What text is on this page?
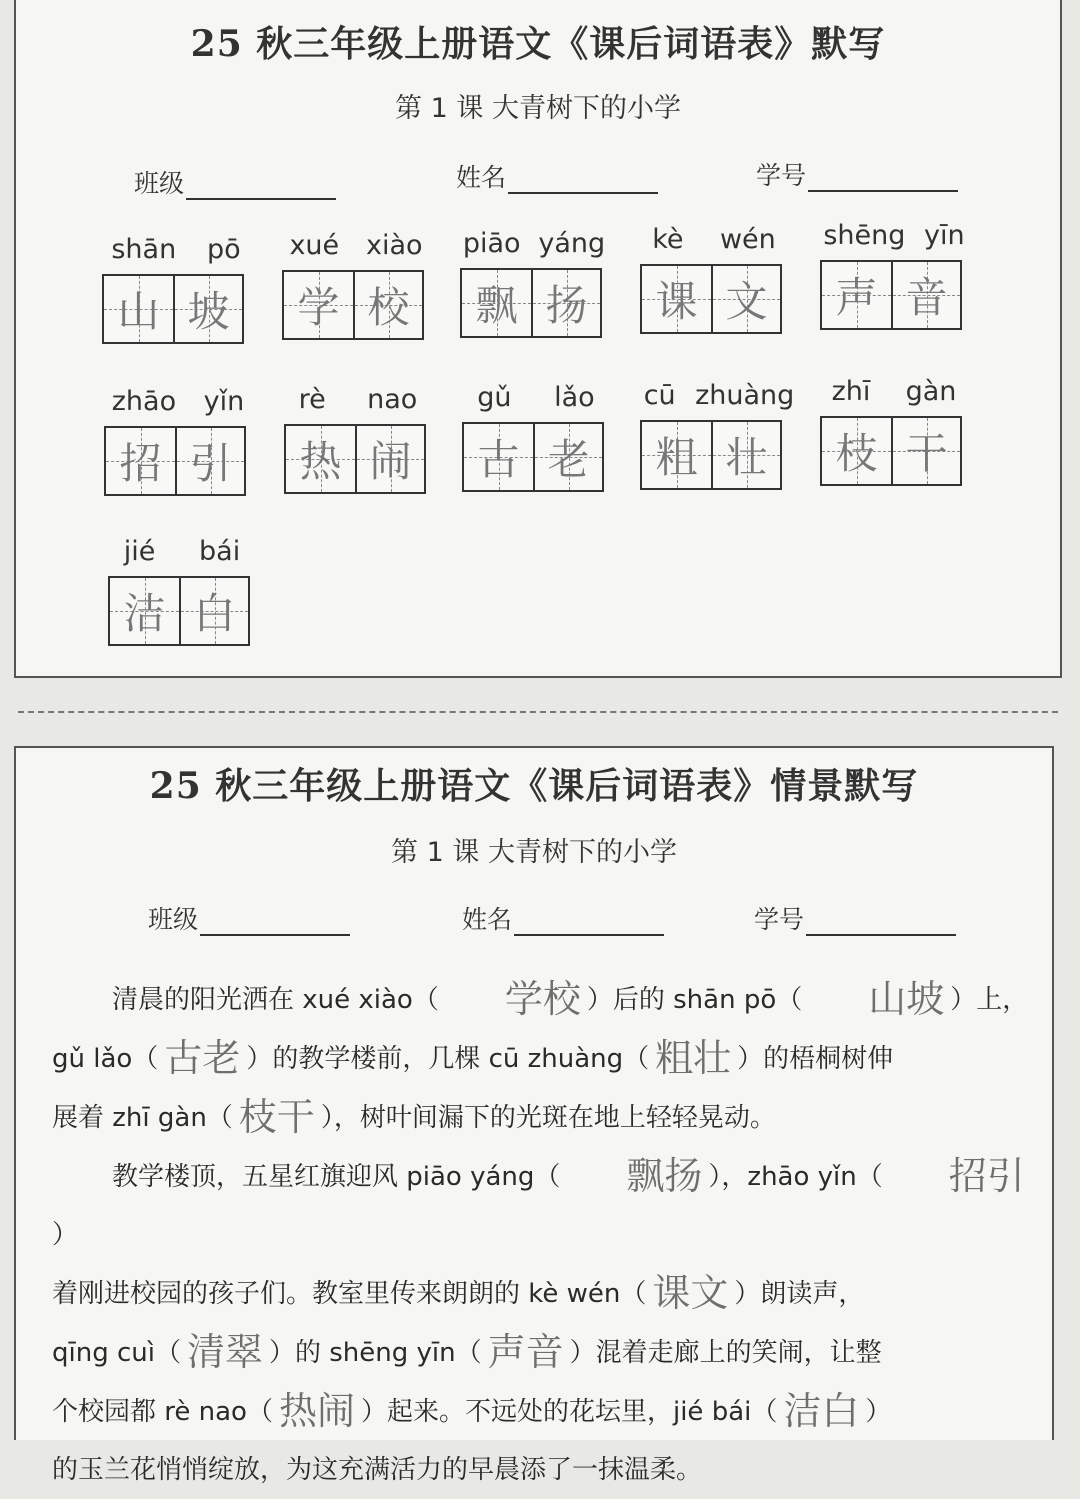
25 秋三年级上册语文《课后词语表》默写
第 1 课 大青树下的小学
班级	姓名	学号
shān pō
山 坡
xué xiào
学 校
piāo yáng
飘 扬
kè wén
课 文
shēng yīn
声 音
zhāo yǐn
招 引
rè nao
热 闹
gǔ lǎo
古 老
cū zhuàng
粗 壮
zhī gàn
枝 干
jié bái
洁 白
25 秋三年级上册语文《课后词语表》情景默写
第 1 课 大青树下的小学
班级	姓名	学号

清晨的阳光洒在 xué xiào（ 学校 ）后的 shān pō（ 山坡 ）上，

gǔ lǎo（ 古老 ）的教学楼前，几棵 cū zhuàng（ 粗壮 ）的梧桐树伸

展着 zhī gàn（ 枝干 ），树叶间漏下的光斑在地上轻轻晃动。

教学楼顶，五星红旗迎风 piāo yáng（ 飘扬 ），zhāo yǐn（ 招引）

着刚进校园的孩子们。教室里传来朗朗的 kè wén（ 课文 ）朗读声，

qīng cuì（ 清翠 ）的 shēng yīn（ 声音 ）混着走廊上的笑闹，让整

个校园都 rè nao（ 热闹 ）起来。不远处的花坛里，jié bái（ 洁白 ）

的玉兰花悄悄绽放，为这充满活力的早晨添了一抹温柔。
